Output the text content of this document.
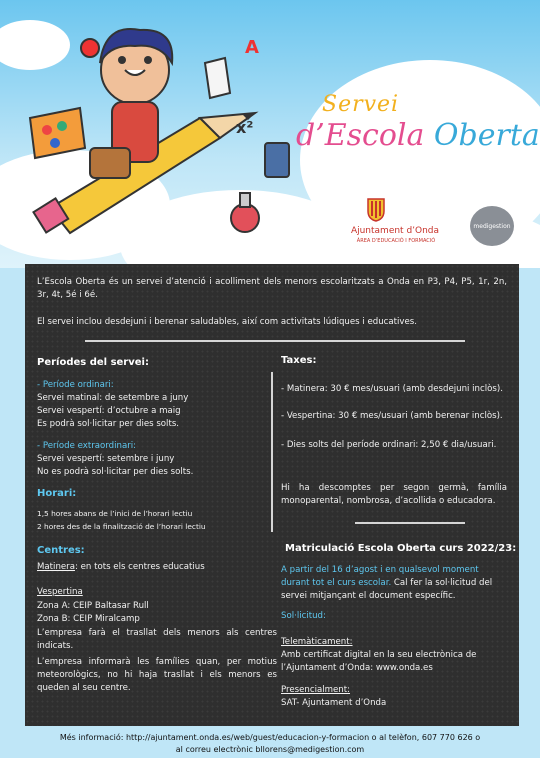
x²
A
Servei
d’Escola Oberta
Ajuntament d’Onda
ÀREA D’EDUCACIÓ I FORMACIÓ
medigestion
L’Escola Oberta és un servei d’atenció i acolliment dels menors escolaritzats a Onda en P3, P4, P5, 1r, 2n, 3r, 4t, 5é i 6é.
El servei inclou desdejuni i berenar saludables, així com activitats lúdiques i educatives.
Períodes del servei:
- Període ordinari:
Servei matinal: de setembre a juny
Servei vespertí: d’octubre a maig
Es podrà sol·licitar per dies solts.
- Període extraordinari:
Servei vespertí: setembre i juny
No es podrà sol·licitar per dies solts.
Horari:
1,5 hores abans de l’inici de l’horari lectiu
2 hores des de la finalització de l’horari lectiu
Centres:
Matinera: en tots els centres educatius
Vespertina
Zona A: CEIP Baltasar Rull
Zona B: CEIP Miralcamp
L’empresa farà el trasllat dels menors als centres indicats.
L’empresa informarà les famílies quan, per motius meteorològics, no hi haja trasllat i els menors es queden al seu centre.
Taxes:
- Matinera: 30 € mes/usuari (amb desdejuni inclòs).
- Vespertina: 30 € mes/usuari (amb berenar inclòs).
- Dies solts del període ordinari: 2,50 € dia/usuari.
Hi ha descomptes per segon germà, família monoparental, nombrosa, d’acollida o educadora.
Matriculació Escola Oberta curs 2022/23:
A partir del 16 d’agost i en qualsevol moment durant tot el curs escolar. Cal fer la sol·licitud del servei mitjançant el document específic.
Sol·licitud:
Telemàticament:
Amb certificat digital en la seu electrònica de l’Ajuntament d’Onda: www.onda.es
Presencialment:
SAT- Ajuntament d’Onda
Més informació: http://ajuntament.onda.es/web/guest/educacion-y-formacion o al telèfon, 607 770 626 o
al correu electrònic bllorens@medigestion.com
